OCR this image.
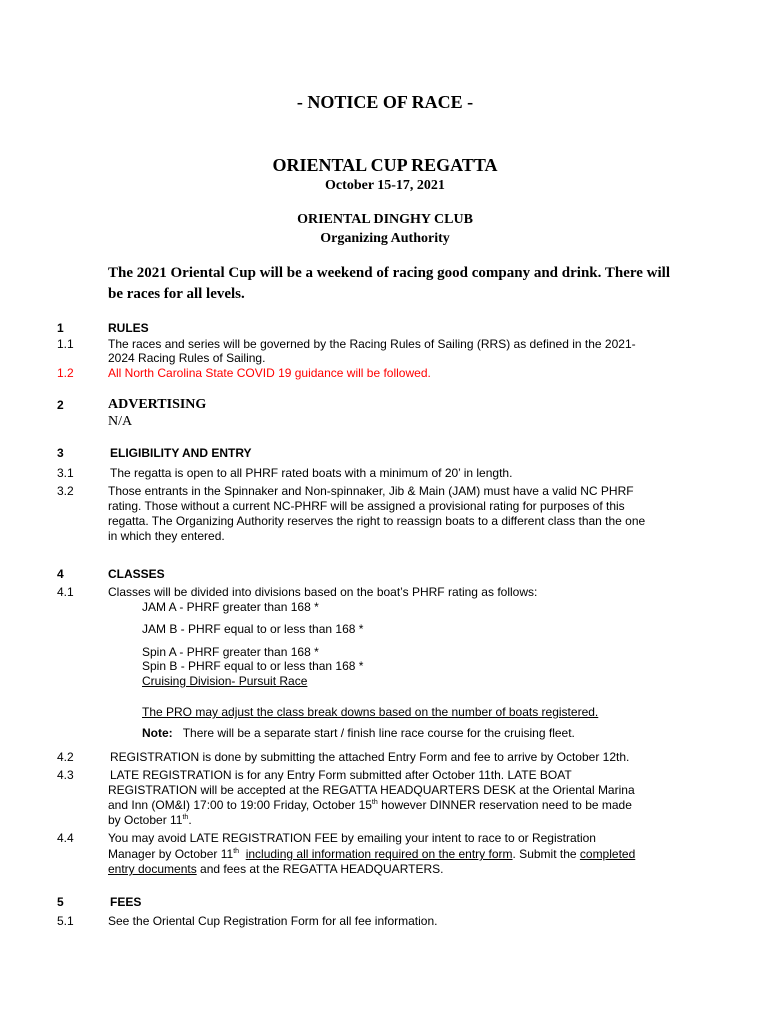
- NOTICE OF RACE -
ORIENTAL CUP REGATTA
October 15-17, 2021
ORIENTAL DINGHY CLUB
Organizing Authority
The 2021 Oriental Cup will be a weekend of racing good company and drink. There will
be races for all levels.
1	RULES
1.1	The races and series will be governed by the Racing Rules of Sailing (RRS) as defined in the 2021-
2024 Racing Rules of Sailing.
1.2	All North Carolina State COVID 19 guidance will be followed.
2	ADVERTISING
N/A
3	ELIGIBILITY AND ENTRY
3.1	The regatta is open to all PHRF rated boats with a minimum of 20’ in length.
3.2	Those entrants in the Spinnaker and Non-spinnaker, Jib & Main (JAM) must have a valid NC PHRF
rating. Those without a current NC-PHRF will be assigned a provisional rating for purposes of this
regatta. The Organizing Authority reserves the right to reassign boats to a different class than the one
in which they entered.
4	CLASSES
4.1	Classes will be divided into divisions based on the boat’s PHRF rating as follows:
JAM A - PHRF greater than 168 *
JAM B - PHRF equal to or less than 168 *
Spin A - PHRF greater than 168 *
Spin B - PHRF equal to or less than 168 *
Cruising Division- Pursuit Race
The PRO may adjust the class break downs based on the number of boats registered.
Note: There will be a separate start / finish line race course for the cruising fleet.
4.2	REGISTRATION is done by submitting the attached Entry Form and fee to arrive by October 12th.
4.3	LATE REGISTRATION is for any Entry Form submitted after October 11th. LATE BOAT
REGISTRATION will be accepted at the REGATTA HEADQUARTERS DESK at the Oriental Marina
and Inn (OM&I) 17:00 to 19:00 Friday, October 15th however DINNER reservation need to be made
by October 11th.
4.4	You may avoid LATE REGISTRATION FEE by emailing your intent to race to or Registration
Manager by October 11th including all information required on the entry form. Submit the completed
entry documents and fees at the REGATTA HEADQUARTERS.
5	FEES
5.1	See the Oriental Cup Registration Form for all fee information.
